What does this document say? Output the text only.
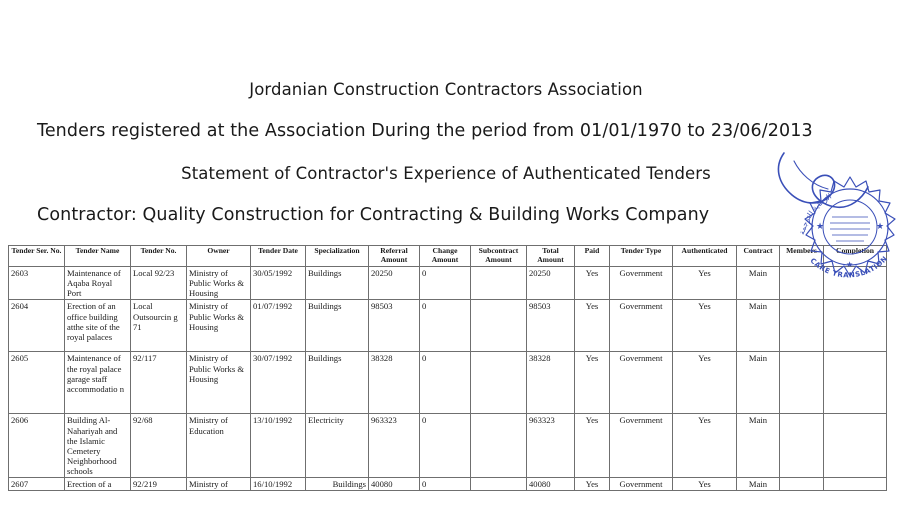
Jordanian Construction Contractors Association
Tenders registered at the Association During the period from 01/01/1970 to 23/06/2013
Statement of Contractor's Experience of Authenticated Tenders
Contractor: Quality Construction for Contracting & Building Works Company
Tender Ser. No.	Tender Name	Tender No.	Owner	Tender Date	Specialization	Referral Amount	Change Amount	Subcontract Amount	Total Amount	Paid	Tender Type	Authenticated	Contract	Members	Completion
2603	Maintenance of Aqaba Royal Port	Local 92/23	Ministry of Public Works & Housing	30/05/1992	Buildings	20250	0		20250	Yes	Government	Yes	Main		
2604	Erection of an office building atthe site of the royal palaces	Local Outsourcin g 71	Ministry of Public Works & Housing	01/07/1992	Buildings	98503	0		98503	Yes	Government	Yes	Main		
2605	Maintenance of the royal palace garage staff accommodatio n	92/117	Ministry of Public Works & Housing	30/07/1992	Buildings	38328	0		38328	Yes	Government	Yes	Main		
2606	Building Al-Nahariyah and the Islamic Cemetery Neighborhood schools	92/68	Ministry of Education	13/10/1992	Electricity	963323	0		963323	Yes	Government	Yes	Main		
2607	Erection of a	92/219	Ministry of	16/10/1992	Buildings	40080	0		40080	Yes	Government	Yes	Main		
الرعاية للترجمة
CARE TRANSLATION
★	★
★
